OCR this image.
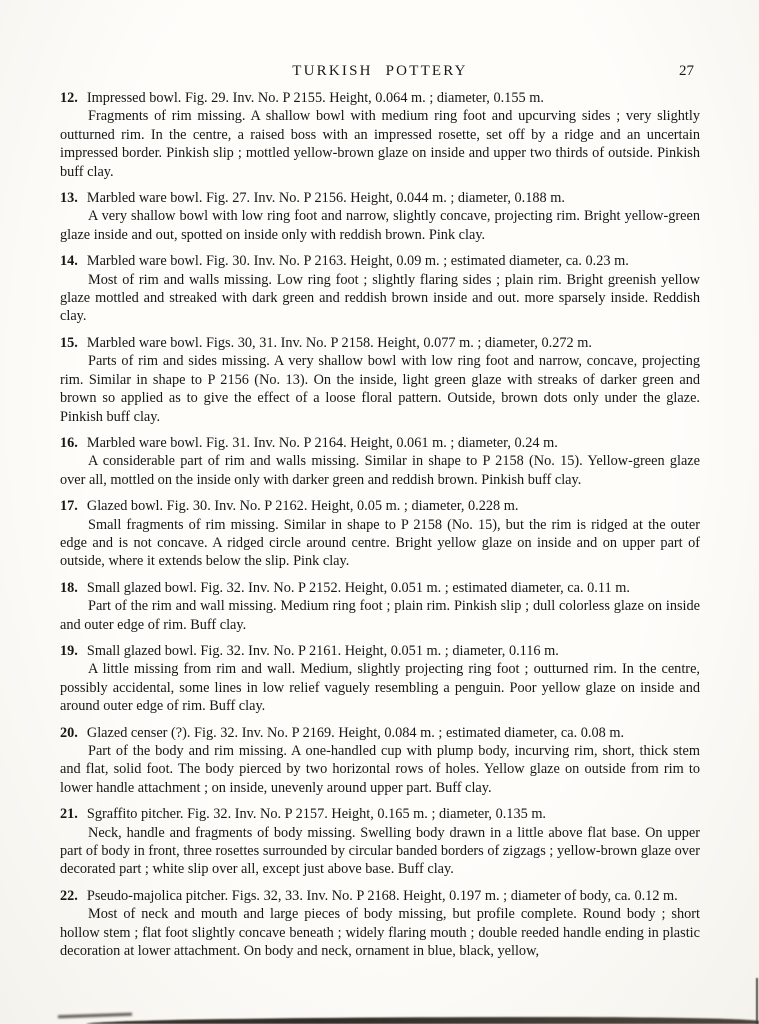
TURKISH POTTERY	27

12. Impressed bowl. Fig. 29. Inv. No. P 2155. Height, 0.064 m. ; diameter, 0.155 m.

Fragments of rim missing. A shallow bowl with medium ring foot and upcurving sides ; very slightly outturned rim. In the centre, a raised boss with an impressed rosette, set off by a ridge and an uncertain impressed border. Pinkish slip ; mottled yellow-brown glaze on inside and upper two thirds of outside. Pinkish buff clay.

13. Marbled ware bowl. Fig. 27. Inv. No. P 2156. Height, 0.044 m. ; diameter, 0.188 m.

A very shallow bowl with low ring foot and narrow, slightly concave, projecting rim. Bright yellow-green glaze inside and out, spotted on inside only with reddish brown. Pink clay.

14. Marbled ware bowl. Fig. 30. Inv. No. P 2163. Height, 0.09 m. ; estimated diameter, ca. 0.23 m.

Most of rim and walls missing. Low ring foot ; slightly flaring sides ; plain rim. Bright greenish yellow glaze mottled and streaked with dark green and reddish brown inside and out. more sparsely inside. Reddish clay.

15. Marbled ware bowl. Figs. 30, 31. Inv. No. P 2158. Height, 0.077 m. ; diameter, 0.272 m.

Parts of rim and sides missing. A very shallow bowl with low ring foot and narrow, concave, projecting rim. Similar in shape to P 2156 (No. 13). On the inside, light green glaze with streaks of darker green and brown so applied as to give the effect of a loose floral pattern. Outside, brown dots only under the glaze. Pinkish buff clay.

16. Marbled ware bowl. Fig. 31. Inv. No. P 2164. Height, 0.061 m. ; diameter, 0.24 m.

A considerable part of rim and walls missing. Similar in shape to P 2158 (No. 15). Yellow-green glaze over all, mottled on the inside only with darker green and reddish brown. Pinkish buff clay.

17. Glazed bowl. Fig. 30. Inv. No. P 2162. Height, 0.05 m. ; diameter, 0.228 m.

Small fragments of rim missing. Similar in shape to P 2158 (No. 15), but the rim is ridged at the outer edge and is not concave. A ridged circle around centre. Bright yellow glaze on inside and on upper part of outside, where it extends below the slip. Pink clay.

18. Small glazed bowl. Fig. 32. Inv. No. P 2152. Height, 0.051 m. ; estimated diameter, ca. 0.11 m.

Part of the rim and wall missing. Medium ring foot ; plain rim. Pinkish slip ; dull colorless glaze on inside and outer edge of rim. Buff clay.

19. Small glazed bowl. Fig. 32. Inv. No. P 2161. Height, 0.051 m. ; diameter, 0.116 m.

A little missing from rim and wall. Medium, slightly projecting ring foot ; outturned rim. In the centre, possibly accidental, some lines in low relief vaguely resembling a penguin. Poor yellow glaze on inside and around outer edge of rim. Buff clay.

20. Glazed censer (?). Fig. 32. Inv. No. P 2169. Height, 0.084 m. ; estimated diameter, ca. 0.08 m.

Part of the body and rim missing. A one-handled cup with plump body, incurving rim, short, thick stem and flat, solid foot. The body pierced by two horizontal rows of holes. Yellow glaze on outside from rim to lower handle attachment ; on inside, unevenly around upper part. Buff clay.

21. Sgraffito pitcher. Fig. 32. Inv. No. P 2157. Height, 0.165 m. ; diameter, 0.135 m.

Neck, handle and fragments of body missing. Swelling body drawn in a little above flat base. On upper part of body in front, three rosettes surrounded by circular banded borders of zigzags ; yellow-brown glaze over decorated part ; white slip over all, except just above base. Buff clay.

22. Pseudo-majolica pitcher. Figs. 32, 33. Inv. No. P 2168. Height, 0.197 m. ; diameter of body, ca. 0.12 m.

Most of neck and mouth and large pieces of body missing, but profile complete. Round body ; short hollow stem ; flat foot slightly concave beneath ; widely flaring mouth ; double reeded handle ending in plastic decoration at lower attachment. On body and neck, ornament in blue, black, yellow,
